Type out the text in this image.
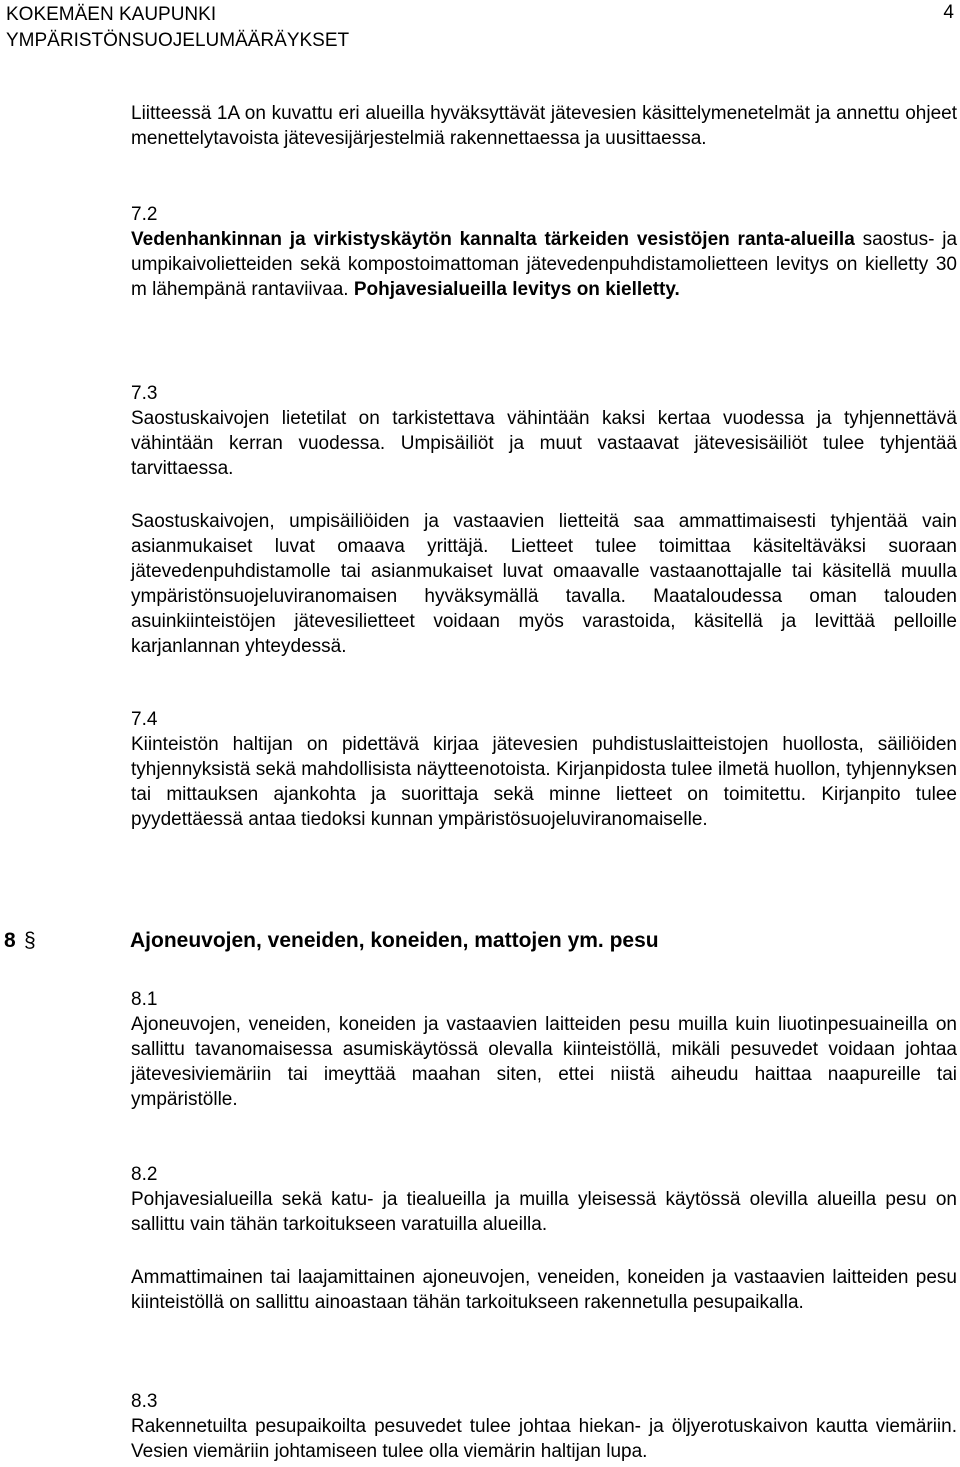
KOKEMÄEN KAUPUNKI
YMPÄRISTÖNSUOJELUMÄÄRÄYKSET
4

Liitteessä 1A on kuvattu eri alueilla hyväksyttävät jätevesien käsittelymenetelmät ja annettu ohjeet menettelytavoista jätevesijärjestelmiä rakennettaessa ja uusittaessa.

7.2

Vedenhankinnan ja virkistyskäytön kannalta tärkeiden vesistöjen ranta-alueilla saostus- ja umpikaivolietteiden sekä kompostoimattoman jätevedenpuhdistamolietteen levitys on kielletty 30 m lähempänä rantaviivaa. Pohjavesialueilla levitys on kielletty.

7.3

Saostuskaivojen lietetilat on tarkistettava vähintään kaksi kertaa vuodessa ja tyhjennettävä vähintään kerran vuodessa. Umpisäiliöt ja muut vastaavat jätevesisäiliöt tulee tyhjentää tarvittaessa.

Saostuskaivojen, umpisäiliöiden ja vastaavien lietteitä saa ammattimaisesti tyhjentää vain asianmukaiset luvat omaava yrittäjä. Lietteet tulee toimittaa käsiteltäväksi suoraan jätevedenpuhdistamolle tai asianmukaiset luvat omaavalle vastaanottajalle tai käsitellä muulla ympäristönsuojeluviranomaisen hyväksymällä tavalla. Maataloudessa oman talouden asuinkiinteistöjen jätevesilietteet voidaan myös varastoida, käsitellä ja levittää pelloille karjanlannan yhteydessä.

7.4

Kiinteistön haltijan on pidettävä kirjaa jätevesien puhdistuslaitteistojen huollosta, säiliöiden tyhjennyksistä sekä mahdollisista näytteenotoista. Kirjanpidosta tulee ilmetä huollon, tyhjennyksen tai mittauksen ajankohta ja suorittaja sekä minne lietteet on toimitettu. Kirjanpito tulee pyydettäessä antaa tiedoksi kunnan ympäristösuojeluviranomaiselle.

8 §	Ajoneuvojen, veneiden, koneiden, mattojen ym. pesu
8.1

Ajoneuvojen, veneiden, koneiden ja vastaavien laitteiden pesu muilla kuin liuotinpesuaineilla on sallittu tavanomaisessa asumiskäytössä olevalla kiinteistöllä, mikäli pesuvedet voidaan johtaa jätevesiviemäriin tai imeyttää maahan siten, ettei niistä aiheudu haittaa naapureille tai ympäristölle.

8.2

Pohjavesialueilla sekä katu- ja tiealueilla ja muilla yleisessä käytössä olevilla alueilla pesu on sallittu vain tähän tarkoitukseen varatuilla alueilla.

Ammattimainen tai laajamittainen ajoneuvojen, veneiden, koneiden ja vastaavien laitteiden pesu kiinteistöllä on sallittu ainoastaan tähän tarkoitukseen rakennetulla pesupaikalla.

8.3

Rakennetuilta pesupaikoilta pesuvedet tulee johtaa hiekan- ja öljyerotuskaivon kautta viemäriin. Vesien viemäriin johtamiseen tulee olla viemärin haltijan lupa.
